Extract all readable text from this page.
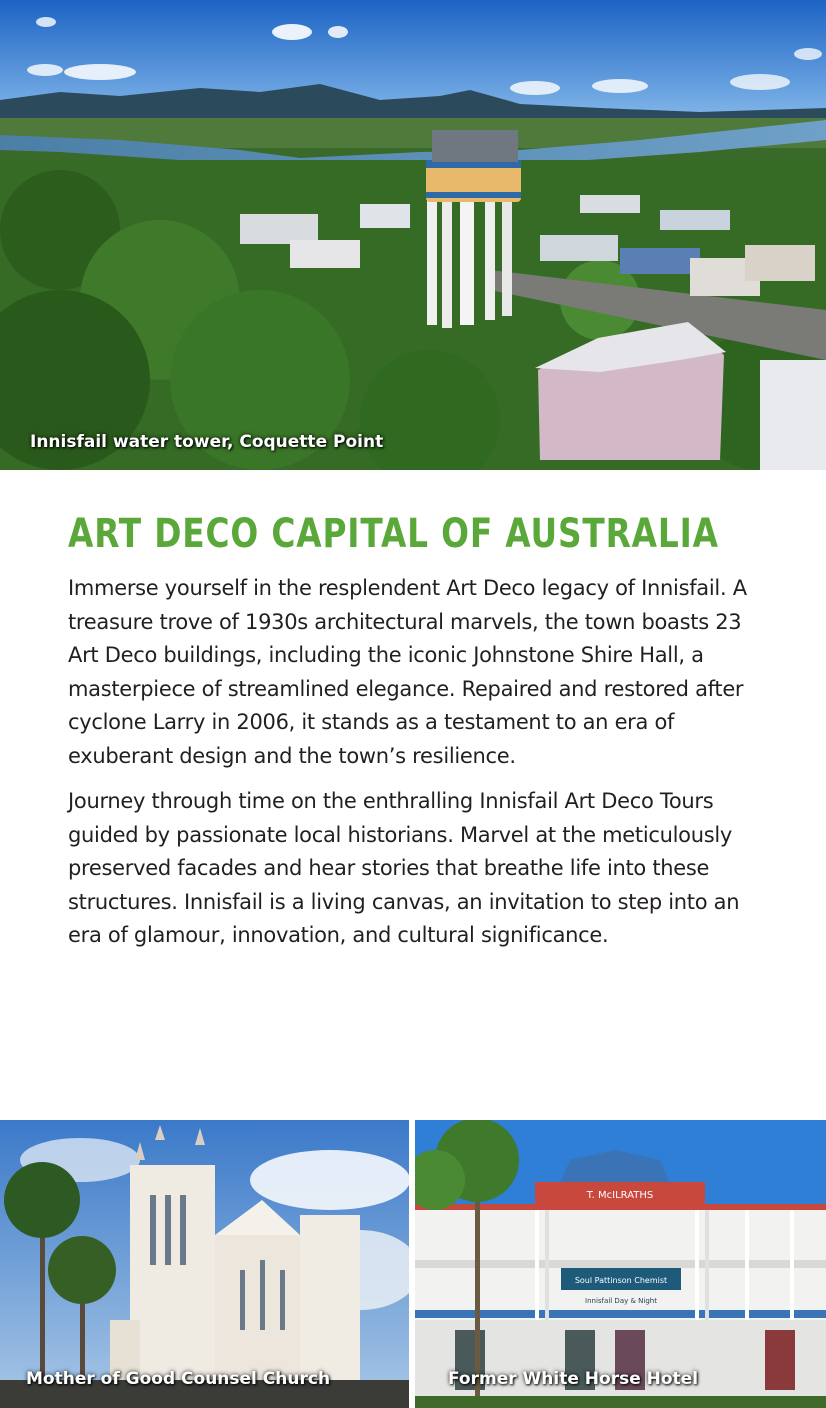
Innisfail water tower, Coquette Point
ART DECO CAPITAL OF AUSTRALIA

Immerse yourself in the resplendent Art Deco legacy of Innisfail. A treasure trove of 1930s architectural marvels, the town boasts 23 Art Deco buildings, including the iconic Johnstone Shire Hall, a masterpiece of streamlined elegance. Repaired and restored after cyclone Larry in 2006, it stands as a testament to an era of exuberant design and the town’s resilience.

Journey through time on the enthralling Innisfail Art Deco Tours guided by passionate local historians. Marvel at the meticulously preserved facades and hear stories that breathe life into these structures. Innisfail is a living canvas, an invitation to step into an era of glamour, innovation, and cultural significance.

Mother of Good Counsel Church
T. McILRATHS
Soul Pattinson Chemist
Innisfail Day & Night
Former White Horse Hotel
